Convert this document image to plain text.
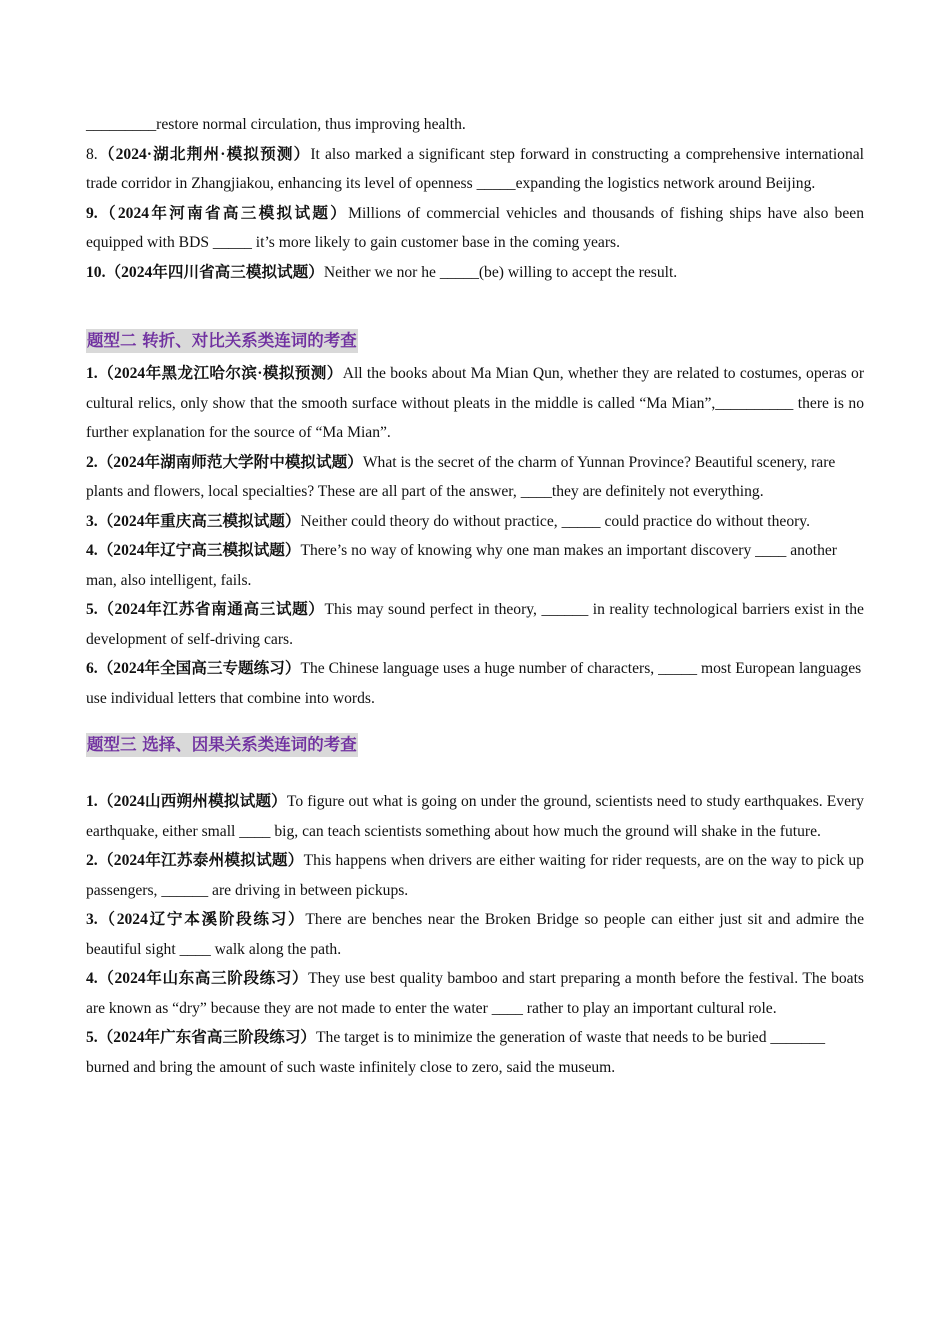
_________restore normal circulation, thus improving health.

8.（2024·湖北荆州·模拟预测）It also marked a significant step forward in constructing a comprehensive international trade corridor in Zhangjiakou, enhancing its level of openness _____expanding the logistics network around Beijing.

9.（2024年河南省高三模拟试题）Millions of commercial vehicles and thousands of fishing ships have also been equipped with BDS _____ it’s more likely to gain customer base in the coming years.

10.（2024年四川省高三模拟试题）Neither we nor he _____(be) willing to accept the result.

题型二 转折、对比关系类连词的考查

1.（2024年黑龙江哈尔滨·模拟预测）All the books about Ma Mian Qun, whether they are related to costumes, operas or cultural relics, only show that the smooth surface without pleats in the middle is called “Ma Mian”,__________ there is no further explanation for the source of “Ma Mian”.

2.（2024年湖南师范大学附中模拟试题）What is the secret of the charm of Yunnan Province? Beautiful scenery, rare plants and flowers, local specialties? These are all part of the answer, ____they are definitely not everything.

3.（2024年重庆高三模拟试题）Neither could theory do without practice, _____ could practice do without theory.

4.（2024年辽宁高三模拟试题）There’s no way of knowing why one man makes an important discovery ____ another man, also intelligent, fails.

5.（2024年江苏省南通高三试题）This may sound perfect in theory, ______ in reality technological barriers exist in the development of self-driving cars.

6.（2024年全国高三专题练习）The Chinese language uses a huge number of characters, _____ most European languages use individual letters that combine into words.

题型三 选择、因果关系类连词的考查

1.（2024山西朔州模拟试题）To figure out what is going on under the ground, scientists need to study earthquakes. Every earthquake, either small ____ big, can teach scientists something about how much the ground will shake in the future.

2.（2024年江苏泰州模拟试题）This happens when drivers are either waiting for rider requests, are on the way to pick up passengers, ______ are driving in between pickups.

3.（2024辽宁本溪阶段练习）There are benches near the Broken Bridge so people can either just sit and admire the beautiful sight ____ walk along the path.

4.（2024年山东高三阶段练习）They use best quality bamboo and start preparing a month before the festival. The boats are known as “dry” because they are not made to enter the water ____ rather to play an important cultural role.

5.（2024年广东省高三阶段练习）The target is to minimize the generation of waste that needs to be buried _______ burned and bring the amount of such waste infinitely close to zero, said the museum.
